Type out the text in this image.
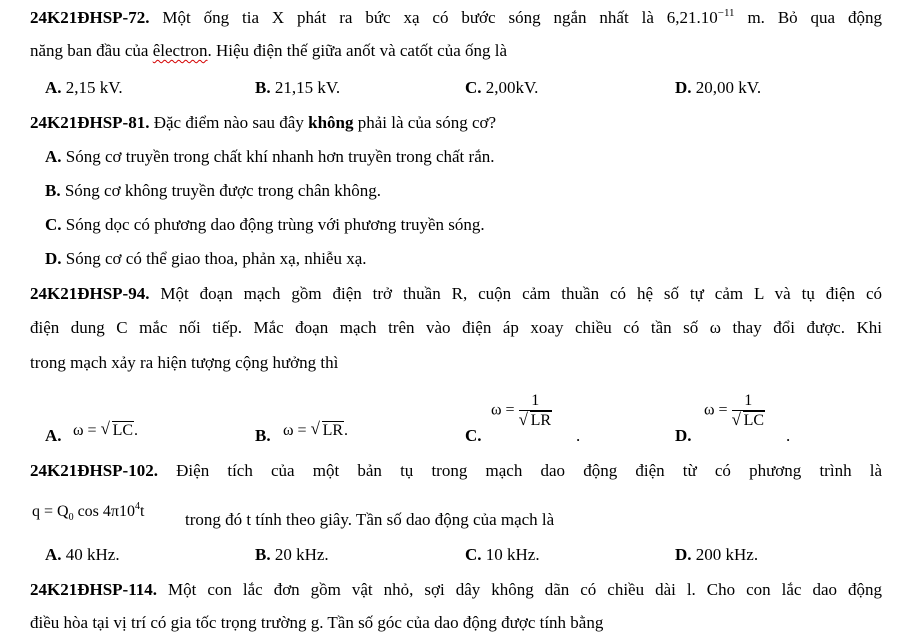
24K21ĐHSP-72. Một ống tia X phát ra bức xạ có bước sóng ngắn nhất là $6,21.10^{-11}$ m. Bỏ qua động
năng ban đầu của êlectron. Hiệu điện thế giữa anốt và catốt của ống là
A. 2,15 kV.	B. 21,15 kV.	C. 2,00kV.	D. 20,00 kV.
24K21ĐHSP-81. Đặc điểm nào sau đây không phải là của sóng cơ?
A. Sóng cơ truyền trong chất khí nhanh hơn truyền trong chất rắn.
B. Sóng cơ không truyền được trong chân không.
C. Sóng dọc có phương dao động trùng với phương truyền sóng.
D. Sóng cơ có thể giao thoa, phản xạ, nhiễu xạ.
24K21ĐHSP-94. Một đoạn mạch gồm điện trở thuần R, cuộn cảm thuần có hệ số tự cảm L và tụ điện có
điện dung C mắc nối tiếp. Mắc đoạn mạch trên vào điện áp xoay chiều có tần số ω thay đổi được. Khi
trong mạch xảy ra hiện tượng cộng hưởng thì
A. ω = √ LC.	B. ω = √ LR.	C.
$\omega = \frac{1}{√ LR}$
.	D.
$\omega = \frac{1}{√ LC}$
.
24K21ĐHSP-102. Điện tích của một bản tụ trong mạch dao động điện từ có phương trình là
$q = Q_0$ $\cos 4\pi 10^4t$ trong đó t tính theo giây. Tần số dao động của mạch là
A. 40 kHz.	B. 20 kHz.	C. 10 kHz.	D. 200 kHz.
24K21ĐHSP-114. Một con lắc đơn gồm vật nhỏ, sợi dây không dãn có chiều dài l. Cho con lắc dao động
điều hòa tại vị trí có gia tốc trọng trường g. Tần số góc của dao động được tính bằng
